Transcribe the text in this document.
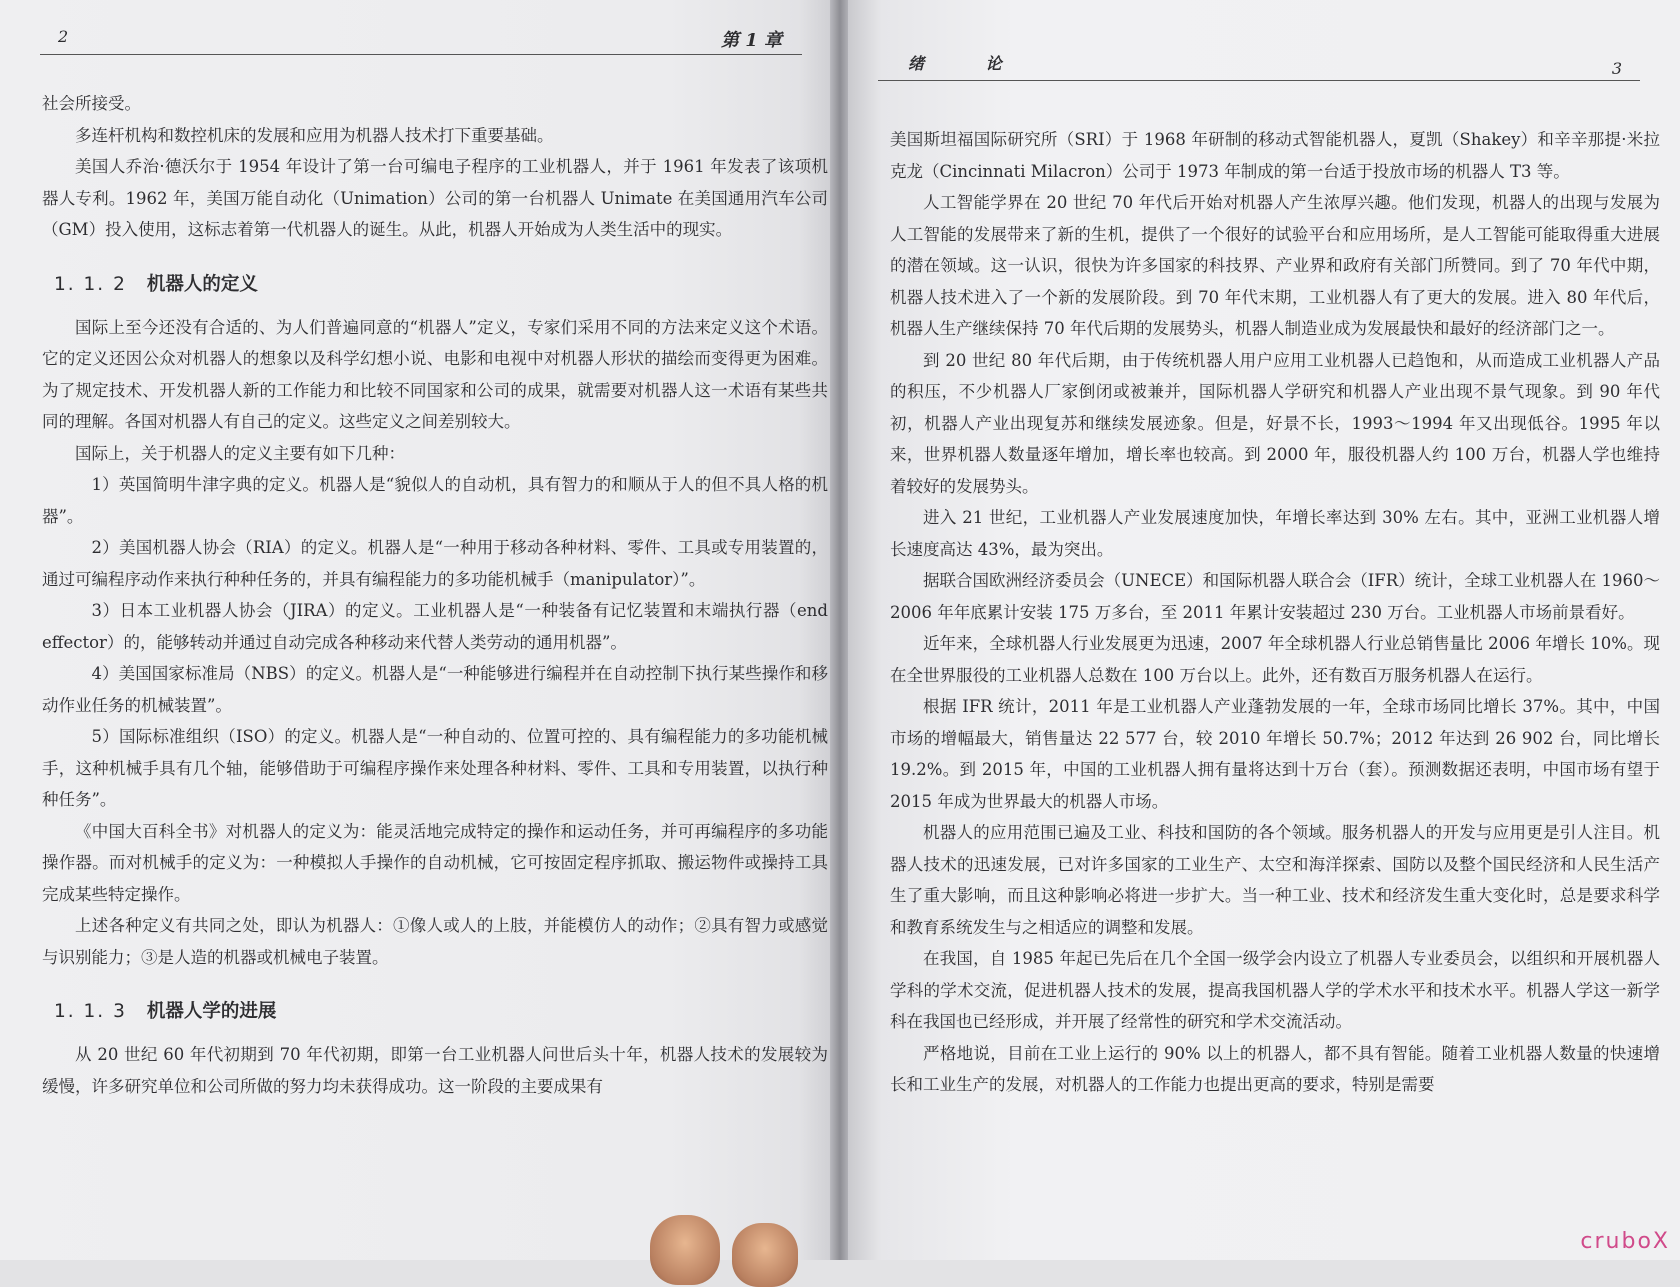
2	第 1 章

社会所接受。

多连杆机构和数控机床的发展和应用为机器人技术打下重要基础。

美国人乔治·德沃尔于 1954 年设计了第一台可编电子程序的工业机器人，并于 1961 年发表了该项机器人专利。1962 年，美国万能自动化（Unimation）公司的第一台机器人 Unimate 在美国通用汽车公司（GM）投入使用，这标志着第一代机器人的诞生。从此，机器人开始成为人类生活中的现实。

1. 1. 2 机器人的定义

国际上至今还没有合适的、为人们普遍同意的“机器人”定义，专家们采用不同的方法来定义这个术语。它的定义还因公众对机器人的想象以及科学幻想小说、电影和电视中对机器人形状的描绘而变得更为困难。为了规定技术、开发机器人新的工作能力和比较不同国家和公司的成果，就需要对机器人这一术语有某些共同的理解。各国对机器人有自己的定义。这些定义之间差别较大。

国际上，关于机器人的定义主要有如下几种：

1）英国简明牛津字典的定义。机器人是“貌似人的自动机，具有智力的和顺从于人的但不具人格的机器”。

2）美国机器人协会（RIA）的定义。机器人是“一种用于移动各种材料、零件、工具或专用装置的，通过可编程序动作来执行种种任务的，并具有编程能力的多功能机械手（manipulator）”。

3）日本工业机器人协会（JIRA）的定义。工业机器人是“一种装备有记忆装置和末端执行器（end effector）的，能够转动并通过自动完成各种移动来代替人类劳动的通用机器”。

4）美国国家标准局（NBS）的定义。机器人是“一种能够进行编程并在自动控制下执行某些操作和移动作业任务的机械装置”。

5）国际标准组织（ISO）的定义。机器人是“一种自动的、位置可控的、具有编程能力的多功能机械手，这种机械手具有几个轴，能够借助于可编程序操作来处理各种材料、零件、工具和专用装置，以执行种种任务”。

《中国大百科全书》对机器人的定义为：能灵活地完成特定的操作和运动任务，并可再编程序的多功能操作器。而对机械手的定义为：一种模拟人手操作的自动机械，它可按固定程序抓取、搬运物件或操持工具完成某些特定操作。

上述各种定义有共同之处，即认为机器人：①像人或人的上肢，并能模仿人的动作；②具有智力或感觉与识别能力；③是人造的机器或机械电子装置。

1. 1. 3 机器人学的进展

从 20 世纪 60 年代初期到 70 年代初期，即第一台工业机器人问世后头十年，机器人技术的发展较为缓慢，许多研究单位和公司所做的努力均未获得成功。这一阶段的主要成果有

绪 论	3

美国斯坦福国际研究所（SRI）于 1968 年研制的移动式智能机器人，夏凯（Shakey）和辛辛那提·米拉克龙（Cincinnati Milacron）公司于 1973 年制成的第一台适于投放市场的机器人 T3 等。

人工智能学界在 20 世纪 70 年代后开始对机器人产生浓厚兴趣。他们发现，机器人的出现与发展为人工智能的发展带来了新的生机，提供了一个很好的试验平台和应用场所，是人工智能可能取得重大进展的潜在领域。这一认识，很快为许多国家的科技界、产业界和政府有关部门所赞同。到了 70 年代中期，机器人技术进入了一个新的发展阶段。到 70 年代末期，工业机器人有了更大的发展。进入 80 年代后，机器人生产继续保持 70 年代后期的发展势头，机器人制造业成为发展最快和最好的经济部门之一。

到 20 世纪 80 年代后期，由于传统机器人用户应用工业机器人已趋饱和，从而造成工业机器人产品的积压，不少机器人厂家倒闭或被兼并，国际机器人学研究和机器人产业出现不景气现象。到 90 年代初，机器人产业出现复苏和继续发展迹象。但是，好景不长，1993～1994 年又出现低谷。1995 年以来，世界机器人数量逐年增加，增长率也较高。到 2000 年，服役机器人约 100 万台，机器人学也维持着较好的发展势头。

进入 21 世纪，工业机器人产业发展速度加快，年增长率达到 30% 左右。其中，亚洲工业机器人增长速度高达 43%，最为突出。

据联合国欧洲经济委员会（UNECE）和国际机器人联合会（IFR）统计，全球工业机器人在 1960～2006 年年底累计安装 175 万多台，至 2011 年累计安装超过 230 万台。工业机器人市场前景看好。

近年来，全球机器人行业发展更为迅速，2007 年全球机器人行业总销售量比 2006 年增长 10%。现在全世界服役的工业机器人总数在 100 万台以上。此外，还有数百万服务机器人在运行。

根据 IFR 统计，2011 年是工业机器人产业蓬勃发展的一年，全球市场同比增长 37%。其中，中国市场的增幅最大，销售量达 22 577 台，较 2010 年增长 50.7%；2012 年达到 26 902 台，同比增长 19.2%。到 2015 年，中国的工业机器人拥有量将达到十万台（套）。预测数据还表明，中国市场有望于 2015 年成为世界最大的机器人市场。

机器人的应用范围已遍及工业、科技和国防的各个领域。服务机器人的开发与应用更是引人注目。机器人技术的迅速发展，已对许多国家的工业生产、太空和海洋探索、国防以及整个国民经济和人民生活产生了重大影响，而且这种影响必将进一步扩大。当一种工业、技术和经济发生重大变化时，总是要求科学和教育系统发生与之相适应的调整和发展。

在我国，自 1985 年起已先后在几个全国一级学会内设立了机器人专业委员会，以组织和开展机器人学科的学术交流，促进机器人技术的发展，提高我国机器人学的学术水平和技术水平。机器人学这一新学科在我国也已经形成，并开展了经常性的研究和学术交流活动。

严格地说，目前在工业上运行的 90% 以上的机器人，都不具有智能。随着工业机器人数量的快速增长和工业生产的发展，对机器人的工作能力也提出更高的要求，特别是需要

cruboX
